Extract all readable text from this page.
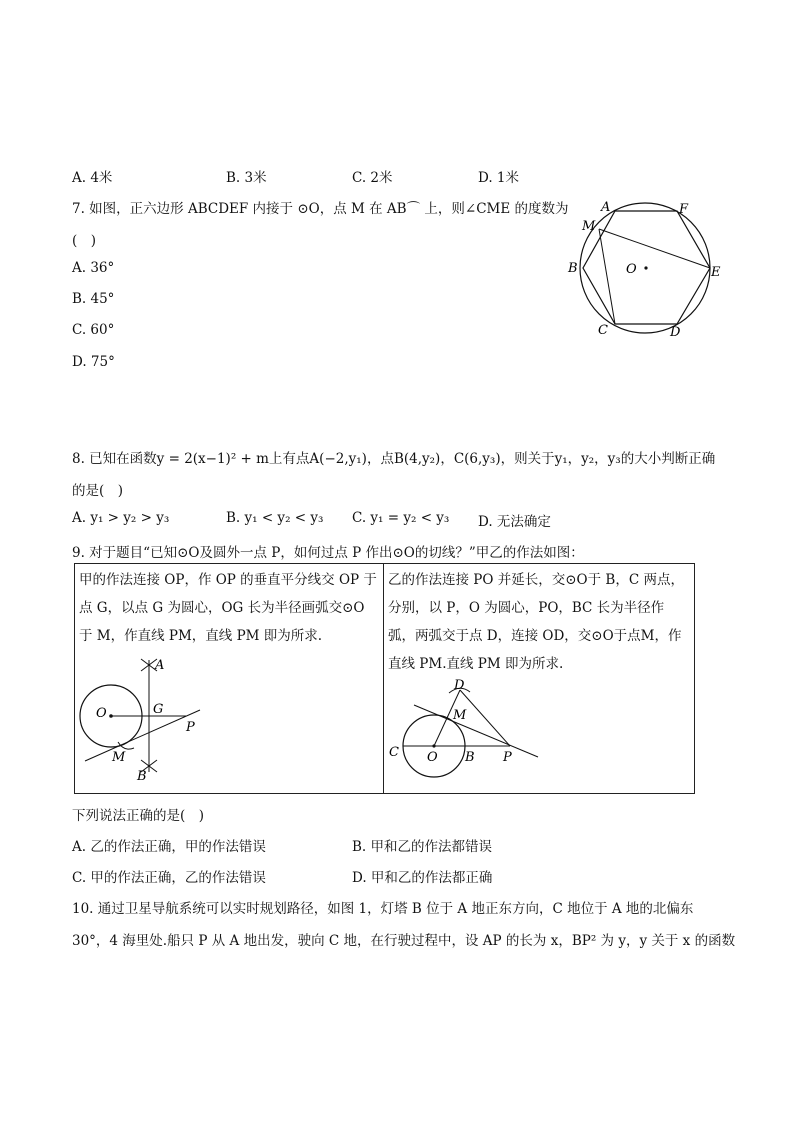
A. 4米	B. 3米	C. 2米	D. 1米
7. 如图，正六边形 ABCDEF 内接于 ⊙O，点 M 在 AB⌒ 上，则∠CME 的度数为
(　)
A. 36°
B. 45°
C. 60°
D. 75°
A	F
M
B	O	E
C	D
8. 已知在函数y = 2(x−1)² + m上有点A(−2,y₁)，点B(4,y₂)，C(6,y₃)，则关于y₁，y₂，y₃的大小判断正确
的是(　)
A. y₁ > y₂ > y₃	B. y₁ < y₂ < y₃ C. y₁ = y₂ < y₃ D. 无法确定
9. 对于题目“已知⊙O及圆外一点 P，如何过点 P 作出⊙O的切线？”甲乙的作法如图：
甲的作法连接 OP，作 OP 的垂直平分线交 OP 于点 G，以点 G 为圆心，OG 长为半径画弧交⊙O 于 M，作直线 PM，直线 PM 即为所求.

乙的作法连接 PO 并延长，交⊙O于 B，C 两点，分别，以 P，O 为圆心，PO，BC 长为半径作弧，两弧交于点 D，连接 OD，交⊙O于点M，作直线 PM.直线 PM 即为所求.
A
O	G
P
M
B
D
M
C O B P
下列说法正确的是(　)
A. 乙的作法正确，甲的作法错误	B. 甲和乙的作法都错误
C. 甲的作法正确，乙的作法错误	D. 甲和乙的作法都正确
10. 通过卫星导航系统可以实时规划路径，如图 1，灯塔 B 位于 A 地正东方向，C 地位于 A 地的北偏东
30°，4 海里处.船只 P 从 A 地出发，驶向 C 地，在行驶过程中，设 AP 的长为 x，BP² 为 y，y 关于 x 的函数
